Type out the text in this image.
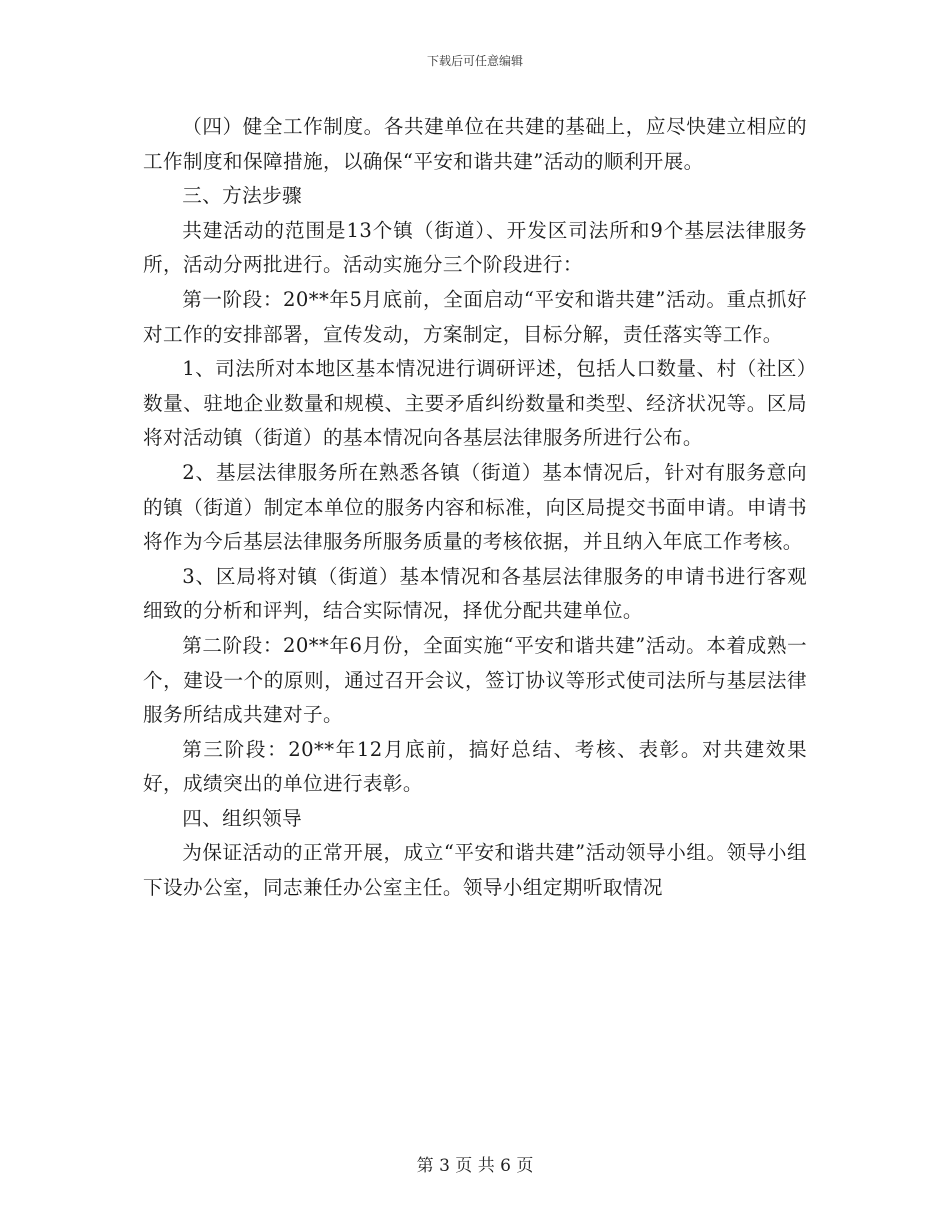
下载后可任意编辑

（四）健全工作制度。各共建单位在共建的基础上，应尽快建立相应的工作制度和保障措施，以确保“平安和谐共建”活动的顺利开展。

三、方法步骤

共建活动的范围是13个镇（街道）、开发区司法所和9个基层法律服务所，活动分两批进行。活动实施分三个阶段进行：

第一阶段：20**年5月底前，全面启动“平安和谐共建”活动。重点抓好对工作的安排部署，宣传发动，方案制定，目标分解，责任落实等工作。

1、司法所对本地区基本情况进行调研评述，包括人口数量、村（社区）数量、驻地企业数量和规模、主要矛盾纠纷数量和类型、经济状况等。区局将对活动镇（街道）的基本情况向各基层法律服务所进行公布。

2、基层法律服务所在熟悉各镇（街道）基本情况后，针对有服务意向的镇（街道）制定本单位的服务内容和标准，向区局提交书面申请。申请书将作为今后基层法律服务所服务质量的考核依据，并且纳入年底工作考核。

3、区局将对镇（街道）基本情况和各基层法律服务的申请书进行客观细致的分析和评判，结合实际情况，择优分配共建单位。

第二阶段：20**年6月份，全面实施“平安和谐共建”活动。本着成熟一个，建设一个的原则，通过召开会议，签订协议等形式使司法所与基层法律服务所结成共建对子。

第三阶段：20**年12月底前，搞好总结、考核、表彰。对共建效果好，成绩突出的单位进行表彰。

四、组织领导

为保证活动的正常开展，成立“平安和谐共建”活动领导小组。领导小组下设办公室，同志兼任办公室主任。领导小组定期听取情况

第 3 页 共 6 页
